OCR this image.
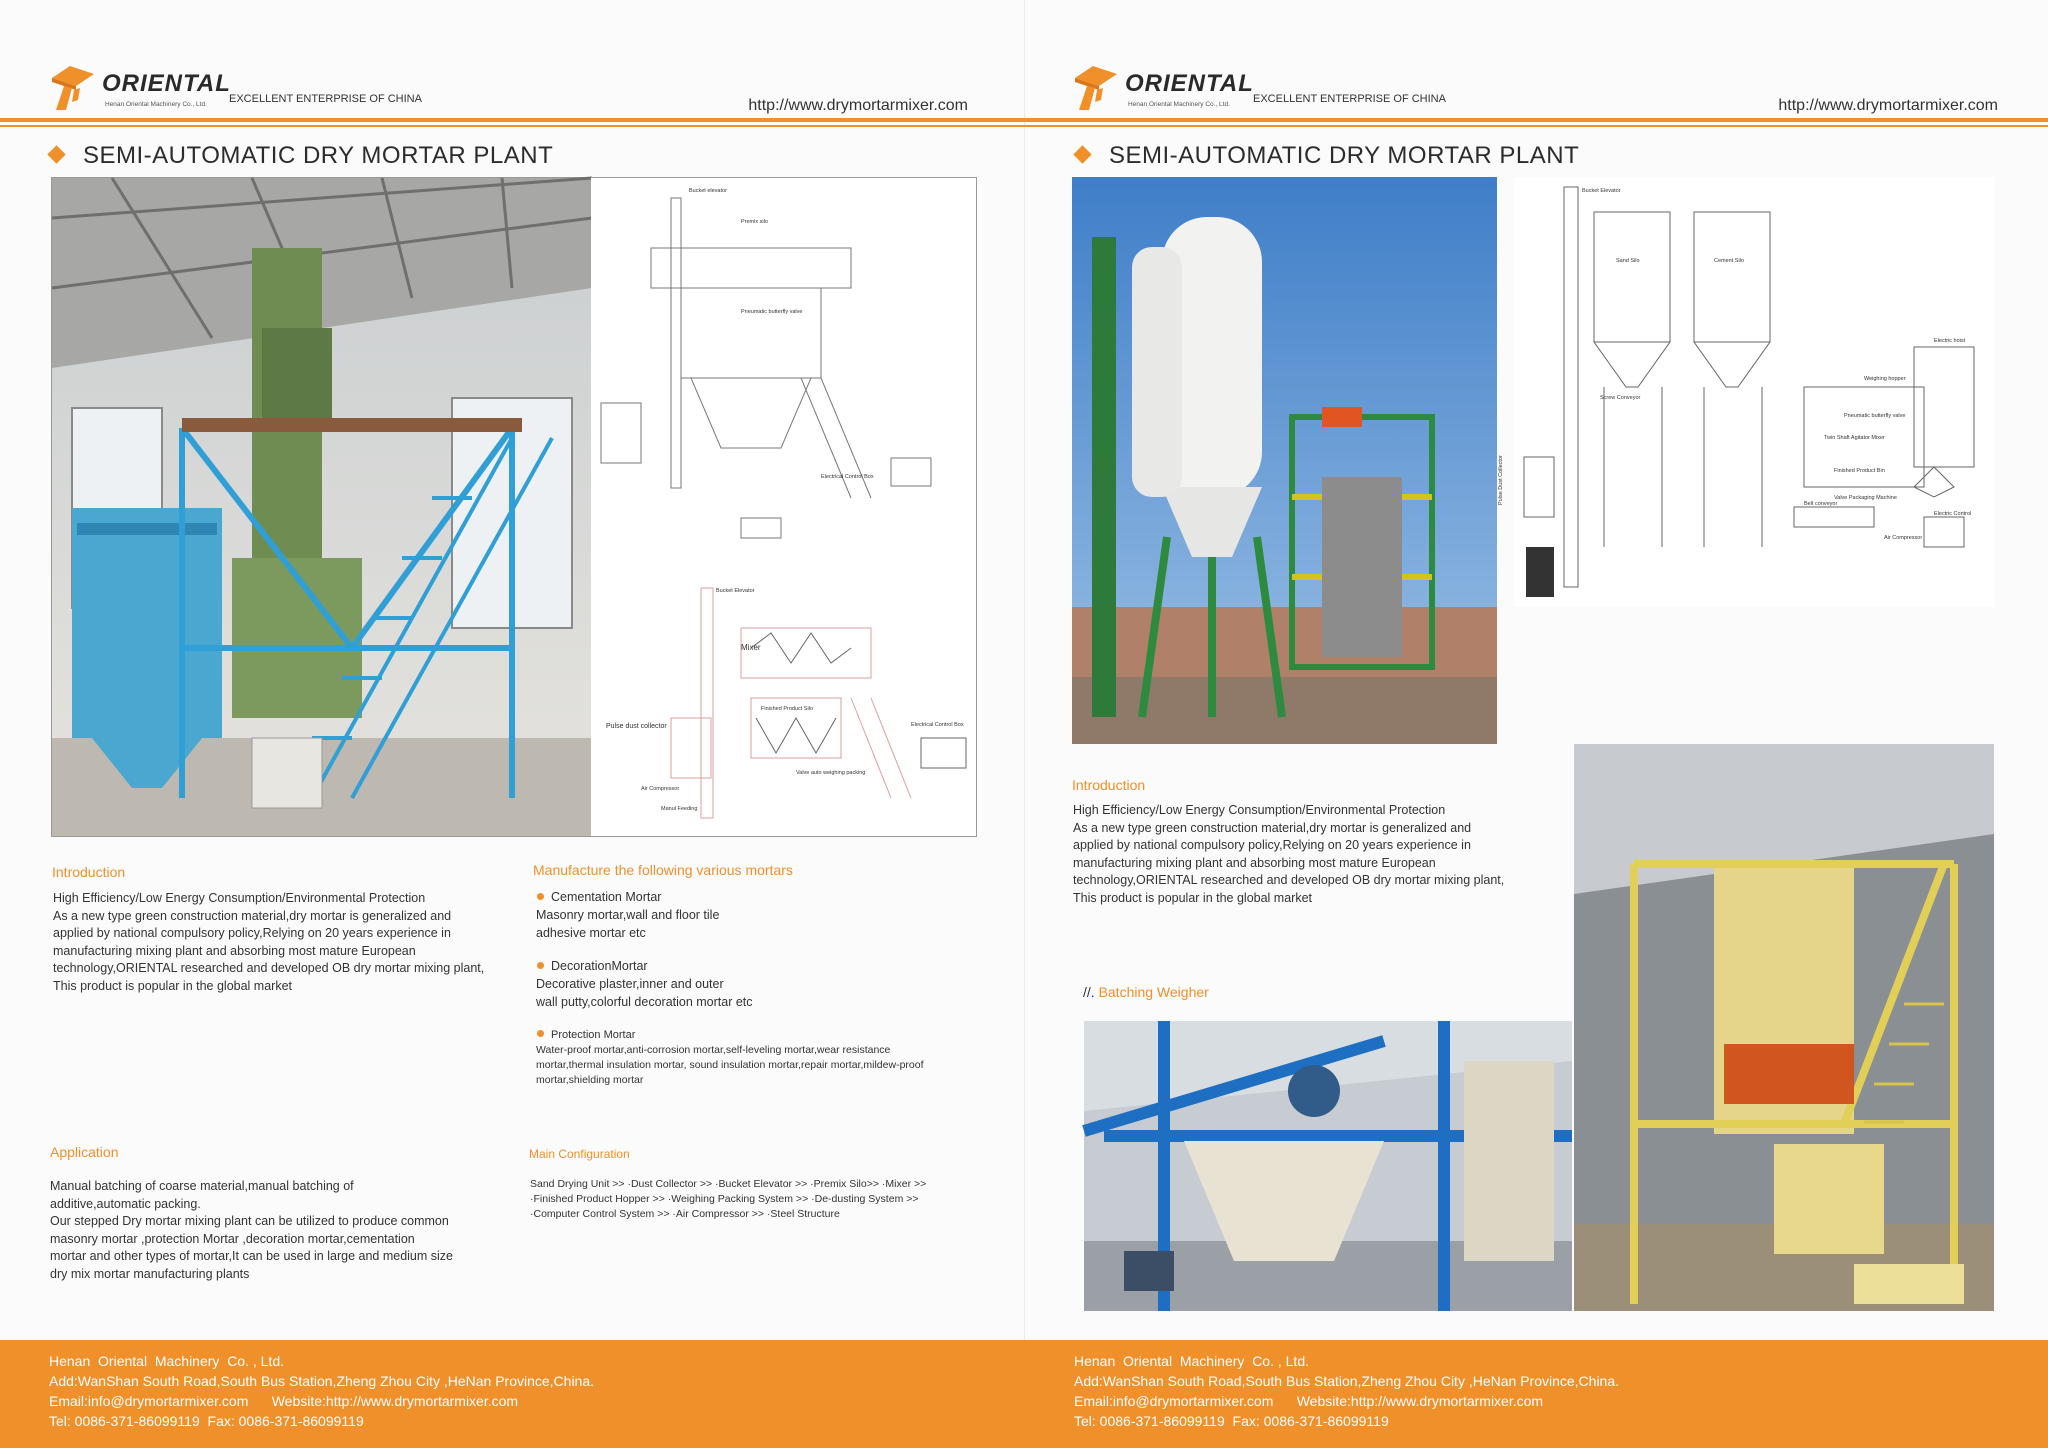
ORIENTAL
Henan Oriental Machinery Co., Ltd. EXCELLENT ENTERPRISE OF CHINA	http://www.drymortarmixer.com
SEMI-AUTOMATIC DRY MORTAR PLANT
Bucket elevator
Premix silo
Pneumatic butterfly valve
Electrical Control Box
Mixer
Finished Product Silo
Pulse dust collector	Electrical Control Box
Air Compressor
Manul Feeding
Bucket Elevator
Valve auto weighing packing
Introduction
High Efficiency/Low Energy Consumption/Environmental Protection
As a new type green construction material,dry mortar is generalized and
applied by national compulsory policy,Relying on 20 years experience in
manufacturing mixing plant and absorbing most mature European
technology,ORIENTAL researched and developed OB dry mortar mixing plant,
This product is popular in the global market
Manufacture the following various mortars
Cementation Mortar
Masonry mortar,wall and floor tile
adhesive mortar etc
DecorationMortar
Decorative plaster,inner and outer
wall putty,colorful decoration mortar etc
Protection Mortar
Water-proof mortar,anti-corrosion mortar,self-leveling mortar,wear resistance
mortar,thermal insulation mortar, sound insulation mortar,repair mortar,mildew-proof
mortar,shielding mortar
Application
Manual batching of coarse material,manual batching of
additive,automatic packing.
Our stepped Dry mortar mixing plant can be utilized to produce common
masonry mortar ,protection Mortar ,decoration mortar,cementation
mortar and other types of mortar,It can be used in large and medium size
dry mix mortar manufacturing plants
Main Configuration
Sand Drying Unit >> ·Dust Collector >> ·Bucket Elevator >> ·Premix Silo>> ·Mixer >>
·Finished Product Hopper >> ·Weighing Packing System >> ·De-dusting System >>
·Computer Control System >> ·Air Compressor >> ·Steel Structure
Henan  Oriental  Machinery  Co. , Ltd.
Add:WanShan South Road,South Bus Station,Zheng Zhou City ,HeNan Province,China.
Email:info@drymortarmixer.com      Website:http://www.drymortarmixer.com
Tel: 0086-371-86099119  Fax: 0086-371-86099119
ORIENTAL
Henan Oriental Machinery Co., Ltd. EXCELLENT ENTERPRISE OF CHINA	http://www.drymortarmixer.com
SEMI-AUTOMATIC DRY MORTAR PLANT
Bucket Elevator
Sand Silo	Cement Silo
Screw Conveyor
Weighing hopper
Electric hoist
Pneumatic butterfly valve
Twin Shaft Agitator Mixer
Finished Product Bin
Valve Packaging Machine
Belt conveyor
Air Compressor
Electric Control
Pulse Dust Collector
Introduction
High Efficiency/Low Energy Consumption/Environmental Protection
As a new type green construction material,dry mortar is generalized and
applied by national compulsory policy,Relying on 20 years experience in
manufacturing mixing plant and absorbing most mature European
technology,ORIENTAL researched and developed OB dry mortar mixing plant,
This product is popular in the global market
//. Batching Weigher
Henan  Oriental  Machinery  Co. , Ltd.
Add:WanShan South Road,South Bus Station,Zheng Zhou City ,HeNan Province,China.
Email:info@drymortarmixer.com      Website:http://www.drymortarmixer.com
Tel: 0086-371-86099119  Fax: 0086-371-86099119
